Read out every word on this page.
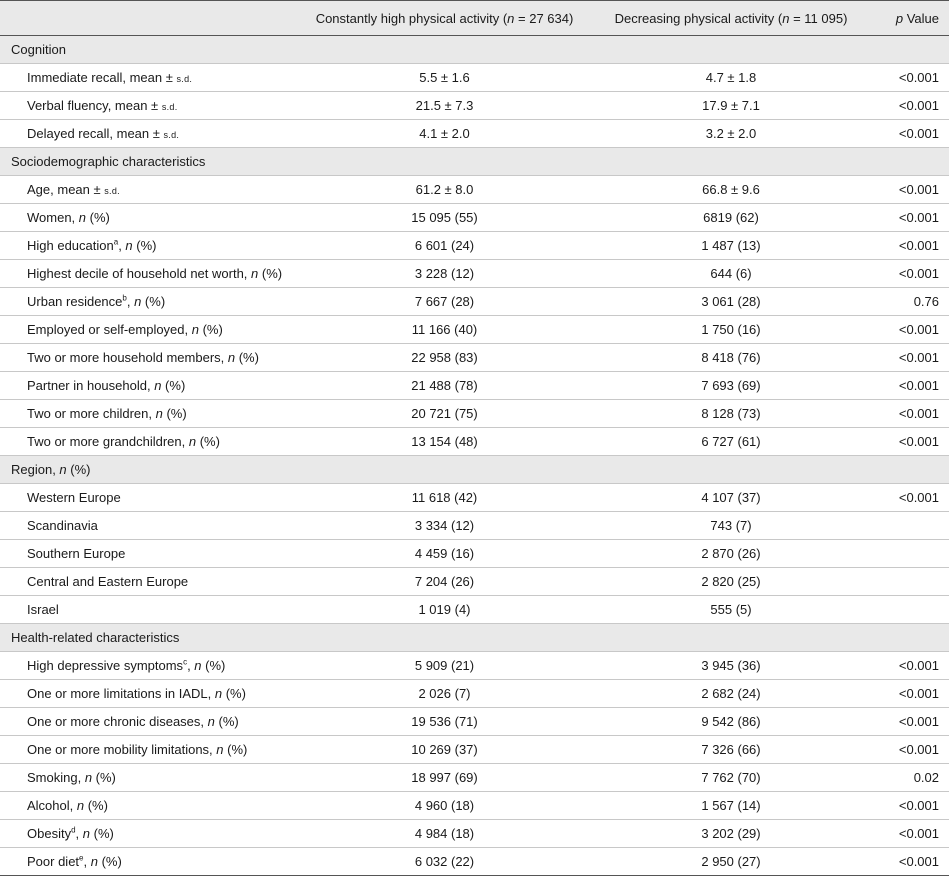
	Constantly high physical activity (n = 27 634)	Decreasing physical activity (n = 11 095)	p Value
Cognition			
Immediate recall, mean ± s.d.	5.5 ± 1.6	4.7 ± 1.8	<0.001
Verbal fluency, mean ± s.d.	21.5 ± 7.3	17.9 ± 7.1	<0.001
Delayed recall, mean ± s.d.	4.1 ± 2.0	3.2 ± 2.0	<0.001
Sociodemographic characteristics			
Age, mean ± s.d.	61.2 ± 8.0	66.8 ± 9.6	<0.001
Women, n (%)	15 095 (55)	6819 (62)	<0.001
High education$^a$, n (%)	6 601 (24)	1 487 (13)	<0.001
Highest decile of household net worth, n (%)	3 228 (12)	644 (6)	<0.001
Urban residence$^b$, n (%)	7 667 (28)	3 061 (28)	0.76
Employed or self-employed, n (%)	11 166 (40)	1 750 (16)	<0.001
Two or more household members, n (%)	22 958 (83)	8 418 (76)	<0.001
Partner in household, n (%)	21 488 (78)	7 693 (69)	<0.001
Two or more children, n (%)	20 721 (75)	8 128 (73)	<0.001
Two or more grandchildren, n (%)	13 154 (48)	6 727 (61)	<0.001
Region, n (%)			
Western Europe	11 618 (42)	4 107 (37)	<0.001
Scandinavia	3 334 (12)	743 (7)	
Southern Europe	4 459 (16)	2 870 (26)	
Central and Eastern Europe	7 204 (26)	2 820 (25)	
Israel	1 019 (4)	555 (5)	
Health-related characteristics			
High depressive symptoms$^c$, n (%)	5 909 (21)	3 945 (36)	<0.001
One or more limitations in IADL, n (%)	2 026 (7)	2 682 (24)	<0.001
One or more chronic diseases, n (%)	19 536 (71)	9 542 (86)	<0.001
One or more mobility limitations, n (%)	10 269 (37)	7 326 (66)	<0.001
Smoking, n (%)	18 997 (69)	7 762 (70)	0.02
Alcohol, n (%)	4 960 (18)	1 567 (14)	<0.001
Obesity$^d$, n (%)	4 984 (18)	3 202 (29)	<0.001
Poor diet$^e$, n (%)	6 032 (22)	2 950 (27)	<0.001
